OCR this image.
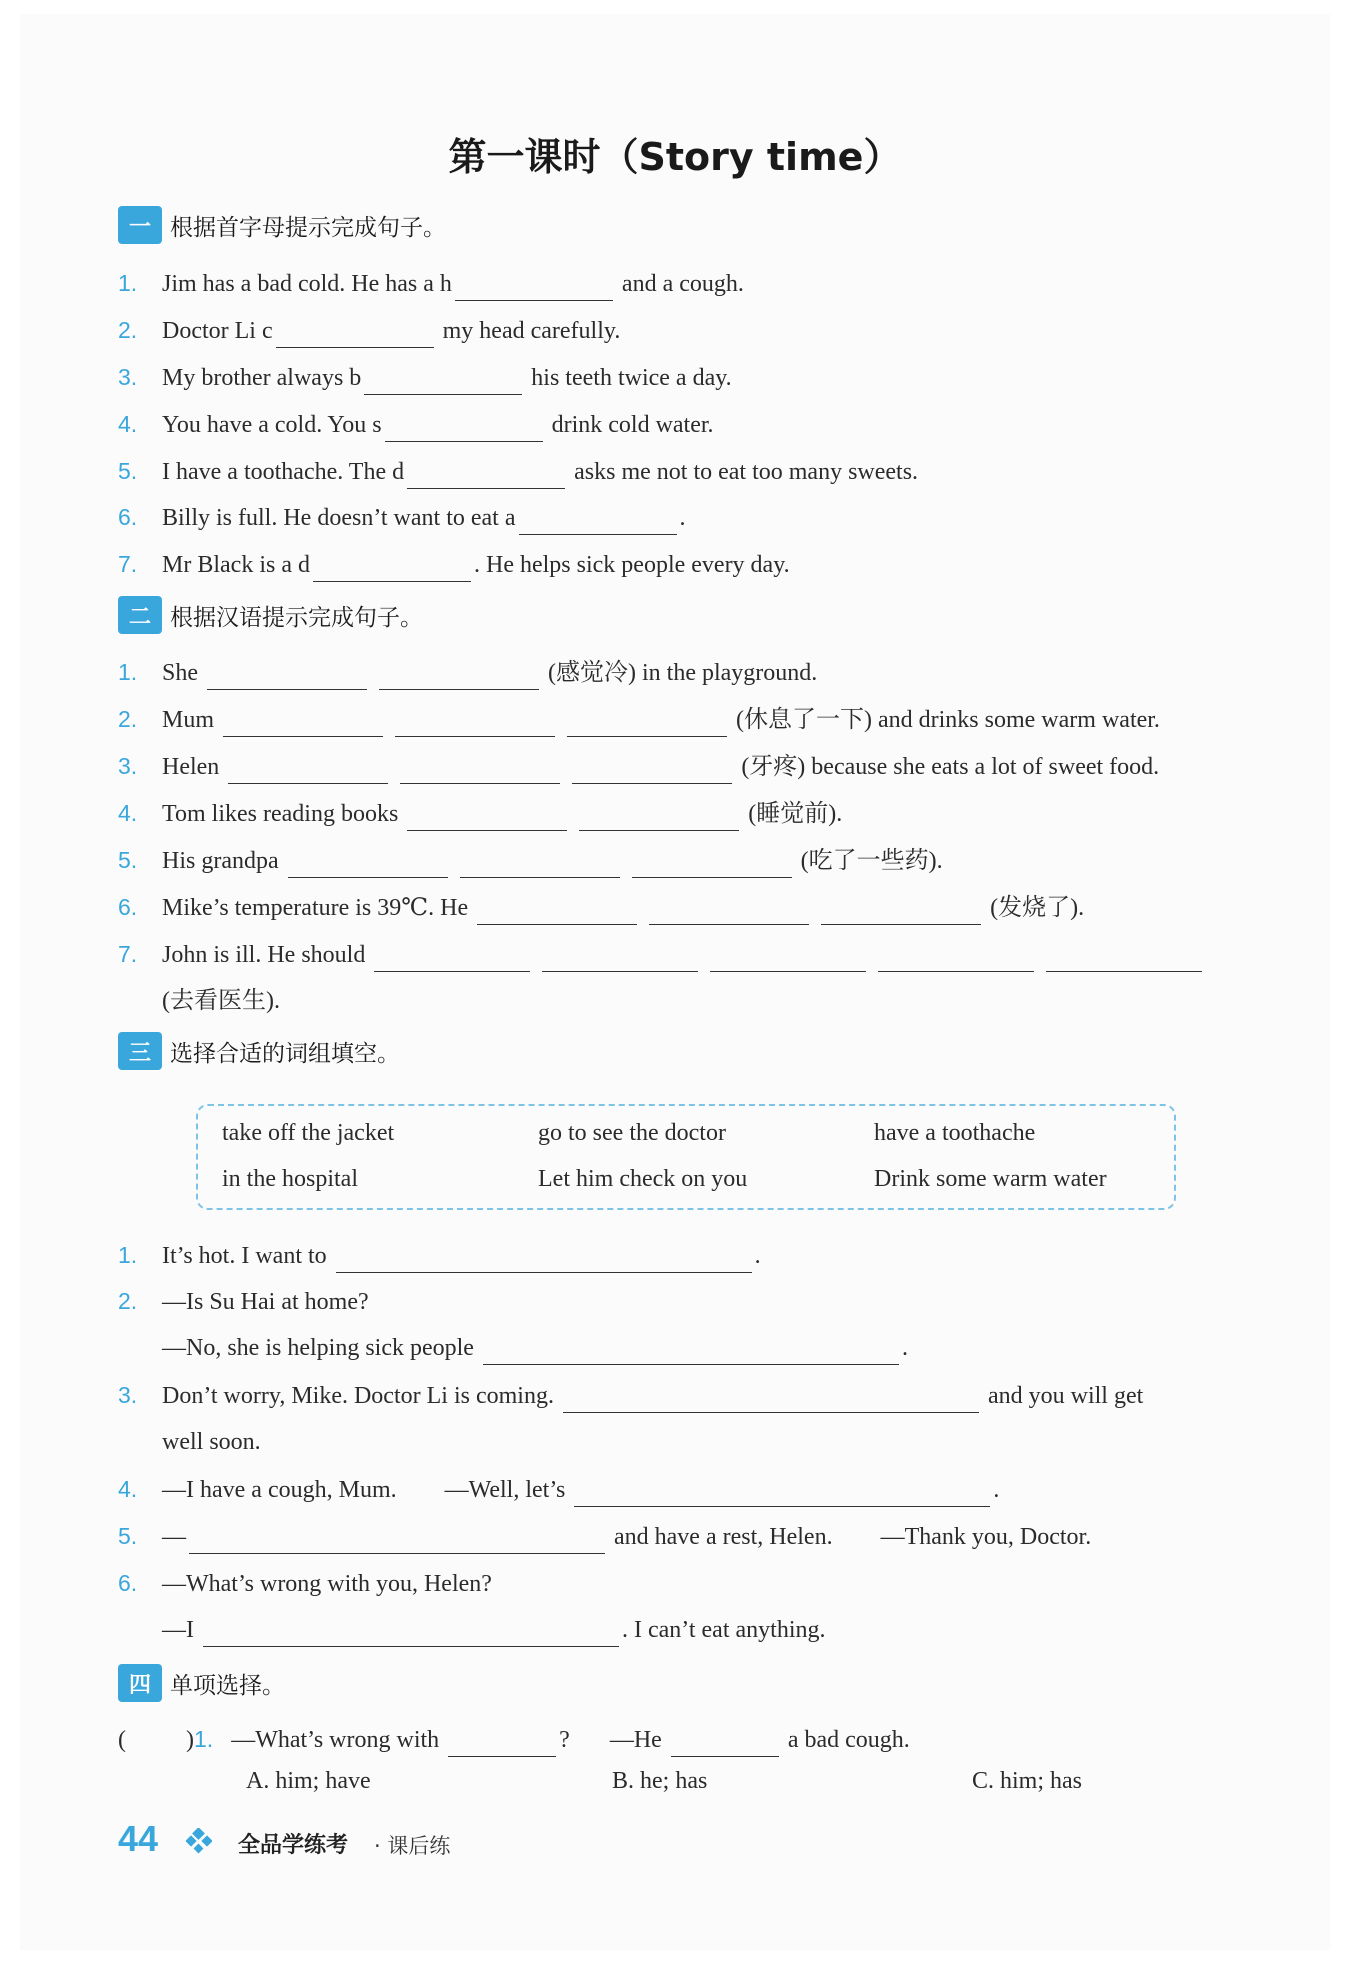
第一课时（Story time）
一 根据首字母提示完成句子。
1. Jim has a bad cold. He has a h	and a cough.
2. Doctor Li c	my head carefully.
3. My brother always b	his teeth twice a day.
4. You have a cold. You s	drink cold water.
5. I have a toothache. The d	asks me not to eat too many sweets.
6. Billy is full. He doesn’t want to eat a	.
7. Mr Black is a d	. He helps sick people every day.
二 根据汉语提示完成句子。
1. She	(感觉冷) in the playground.
2. Mum	(休息了一下) and drinks some warm water.
3. Helen	(牙疼) because she eats a lot of sweet food.
4. Tom likes reading books	(睡觉前).
5. His grandpa	(吃了一些药).
6. Mike’s temperature is 39℃. He	(发烧了).
7. John is ill. He should
(去看医生).
三 选择合适的词组填空。
take off the jacket	go to see the doctor	have a toothache
in the hospital	Let him check on you	Drink some warm water
1. It’s hot. I want to	.
2. —Is Su Hai at home?
—No, she is helping sick people	.
3. Don’t worry, Mike. Doctor Li is coming.	and you will get
well soon.
4. —I have a cough, Mum. —Well, let’s	.
5. —	and have a rest, Helen. —Thank you, Doctor.
6. —What’s wrong with you, Helen?
—I	. I can’t eat anything.
四 单项选择。
(	)1. —What’s wrong with	? —He	a bad cough.
A. him; have	B. he; has	C. him; has
44	全品学练考 · 课后练
